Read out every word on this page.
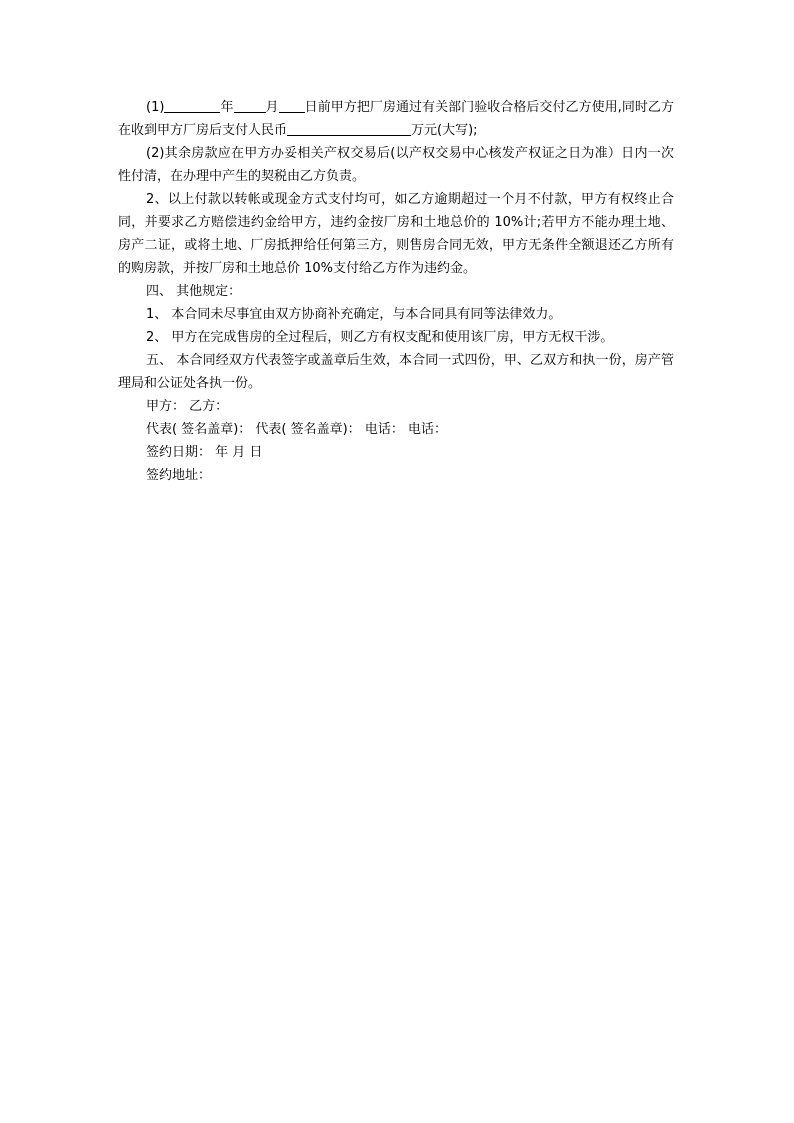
(1)	年 月 日前甲方把厂房通过有关部门验收合格后交付乙方使用,同时乙方在收到甲方厂房后支付人民币	万元(大写);

(2)其余房款应在甲方办妥相关产权交易后(以产权交易中心核发产权证之日为准）日内一次性付清，在办理中产生的契税由乙方负责。

2、以上付款以转帐或现金方式支付均可，如乙方逾期超过一个月不付款，甲方有权终止合同，并要求乙方赔偿违约金给甲方，违约金按厂房和土地总价的 10%计;若甲方不能办理土地、房产二证，或将土地、厂房抵押给任何第三方，则售房合同无效，甲方无条件全额退还乙方所有的购房款，并按厂房和土地总价 10%支付给乙方作为违约金。

四、 其他规定：

1、 本合同未尽事宜由双方协商补充确定，与本合同具有同等法律效力。

2、 甲方在完成售房的全过程后，则乙方有权支配和使用该厂房，甲方无权干涉。

五、 本合同经双方代表签字或盖章后生效，本合同一式四份，甲、乙双方和执一份，房产管理局和公证处各执一份。

甲方： 乙方：

代表( 签名盖章)： 代表( 签名盖章)： 电话： 电话：

签约日期： 年 月 日

签约地址：
